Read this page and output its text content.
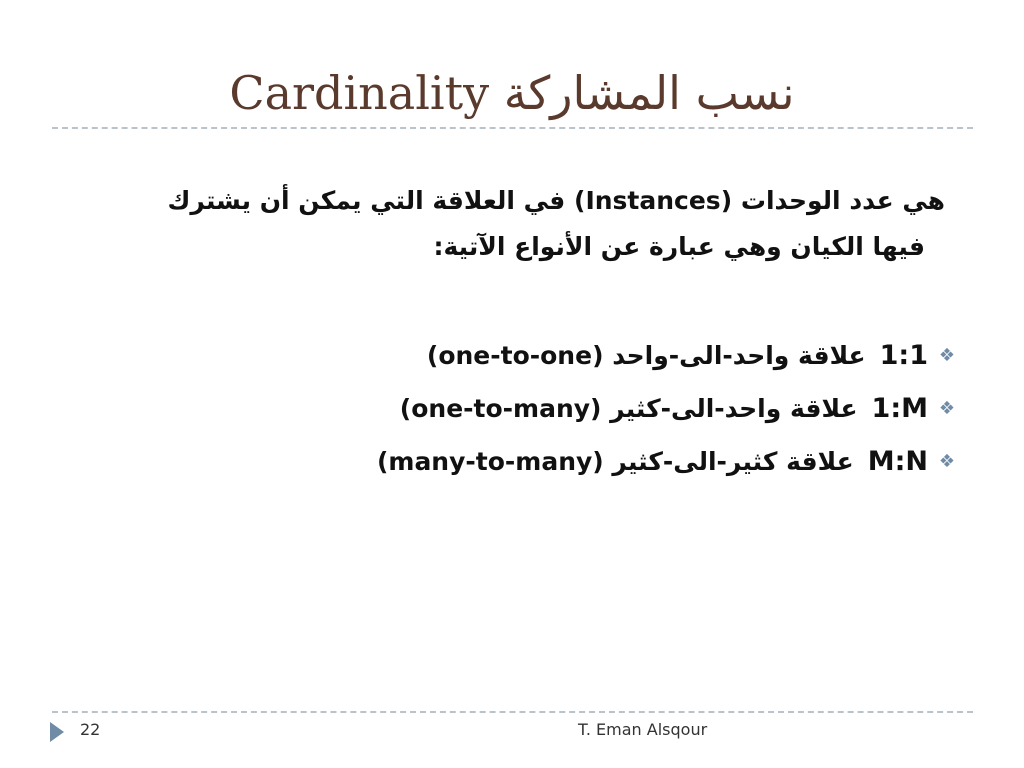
Cardinality نسب المشاركة
هي عدد الوحدات (Instances) في العلاقة التي يمكن أن يشترك
فيها الكيان وهي عبارة عن الأنواع الآتية:
❖
1:1
علاقة واحد-الى-واحد (one-to-one)
❖
1:M
علاقة واحد-الى-كثير (one-to-many)
❖
M:N
علاقة كثير-الى-كثير (many-to-many)
22	T. Eman Alsqour
